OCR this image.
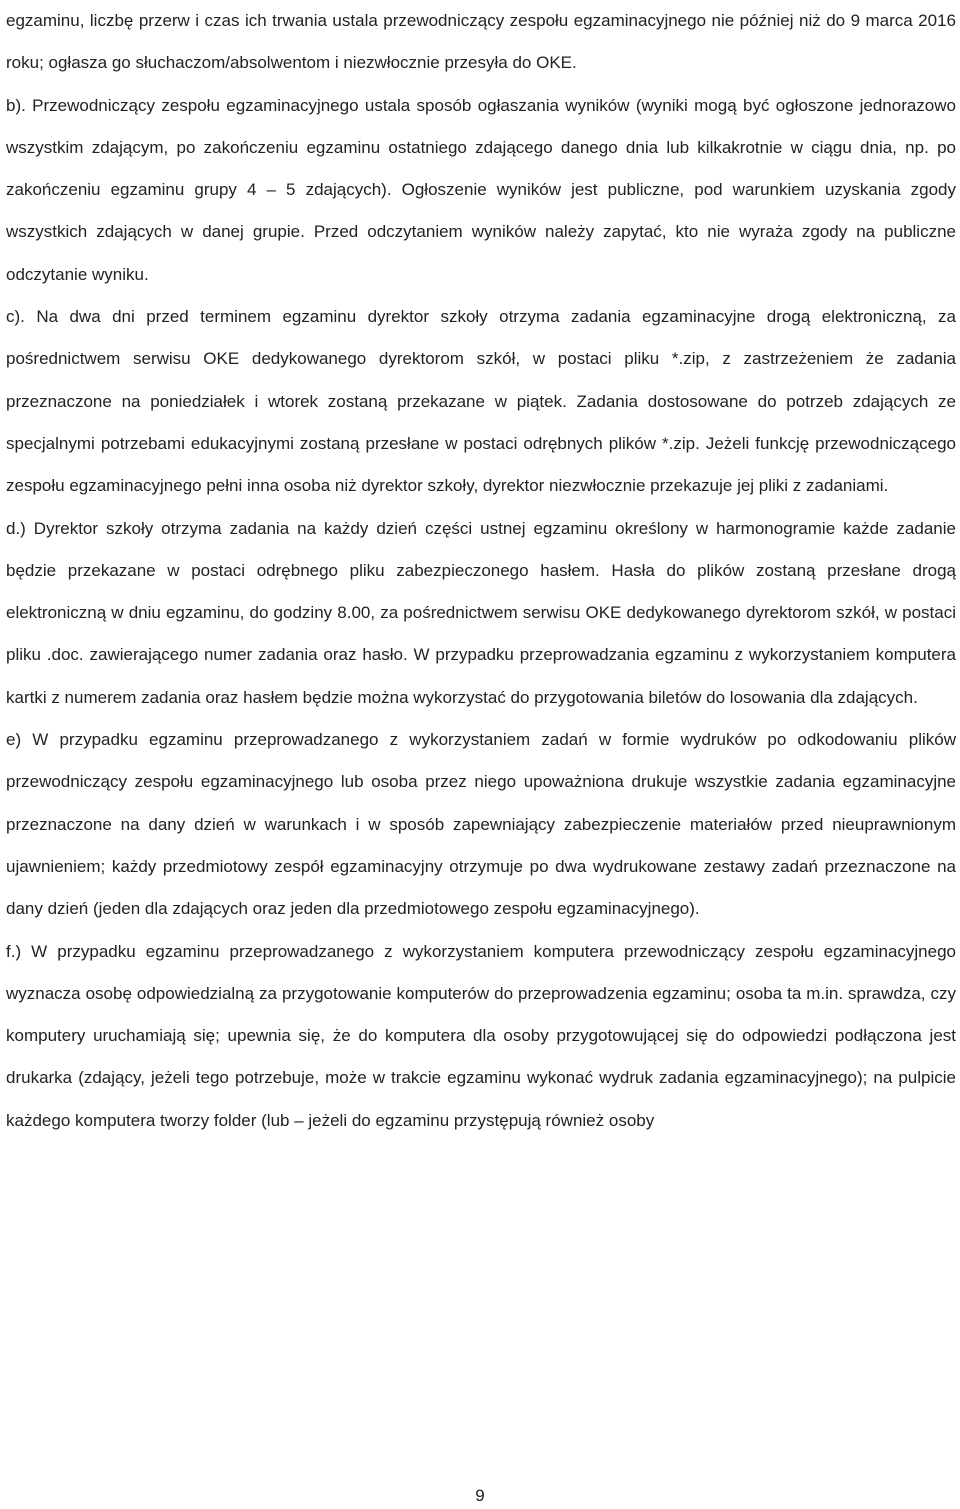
egzaminu, liczbę przerw i czas ich trwania ustala przewodniczący zespołu egzaminacyjnego nie później niż do 9 marca 2016 roku; ogłasza go słuchaczom/absolwentom i niezwłocznie przesyła do OKE.

b). Przewodniczący zespołu egzaminacyjnego ustala sposób ogłaszania wyników (wyniki mogą być ogłoszone jednorazowo wszystkim zdającym, po zakończeniu egzaminu ostatniego zdającego danego dnia lub kilkakrotnie w ciągu dnia, np. po zakończeniu egzaminu grupy 4 – 5 zdających). Ogłoszenie wyników jest publiczne, pod warunkiem uzyskania zgody wszystkich zdających w danej grupie. Przed odczytaniem wyników należy zapytać, kto nie wyraża zgody na publiczne odczytanie wyniku.

c). Na dwa dni przed terminem egzaminu dyrektor szkoły otrzyma zadania egzaminacyjne drogą elektroniczną, za pośrednictwem serwisu OKE dedykowanego dyrektorom szkół, w postaci pliku *.zip, z zastrzeżeniem że zadania przeznaczone na poniedziałek i wtorek zostaną przekazane w piątek. Zadania dostosowane do potrzeb zdających ze specjalnymi potrzebami edukacyjnymi zostaną przesłane w postaci odrębnych plików *.zip. Jeżeli funkcję przewodniczącego zespołu egzaminacyjnego pełni inna osoba niż dyrektor szkoły, dyrektor niezwłocznie przekazuje jej pliki z zadaniami.

d.) Dyrektor szkoły otrzyma zadania na każdy dzień części ustnej egzaminu określony w harmonogramie każde zadanie będzie przekazane w postaci odrębnego pliku zabezpieczonego hasłem. Hasła do plików zostaną przesłane drogą elektroniczną w dniu egzaminu, do godziny 8.00, za pośrednictwem serwisu OKE dedykowanego dyrektorom szkół, w postaci pliku .doc. zawierającego numer zadania oraz hasło. W przypadku przeprowadzania egzaminu z wykorzystaniem komputera kartki z numerem zadania oraz hasłem będzie można wykorzystać do przygotowania biletów do losowania dla zdających.

e) W przypadku egzaminu przeprowadzanego z wykorzystaniem zadań w formie wydruków po odkodowaniu plików przewodniczący zespołu egzaminacyjnego lub osoba przez niego upoważniona drukuje wszystkie zadania egzaminacyjne przeznaczone na dany dzień w warunkach i w sposób zapewniający zabezpieczenie materiałów przed nieuprawnionym ujawnieniem; każdy przedmiotowy zespół egzaminacyjny otrzymuje po dwa wydrukowane zestawy zadań przeznaczone na dany dzień (jeden dla zdających oraz jeden dla przedmiotowego zespołu egzaminacyjnego).

f.) W przypadku egzaminu przeprowadzanego z wykorzystaniem komputera przewodniczący zespołu egzaminacyjnego wyznacza osobę odpowiedzialną za przygotowanie komputerów do przeprowadzenia egzaminu; osoba ta m.in. sprawdza, czy komputery uruchamiają się; upewnia się, że do komputera dla osoby przygotowującej się do odpowiedzi podłączona jest drukarka (zdający, jeżeli tego potrzebuje, może w trakcie egzaminu wykonać wydruk zadania egzaminacyjnego); na pulpicie każdego komputera tworzy folder (lub – jeżeli do egzaminu przystępują również osoby

9
